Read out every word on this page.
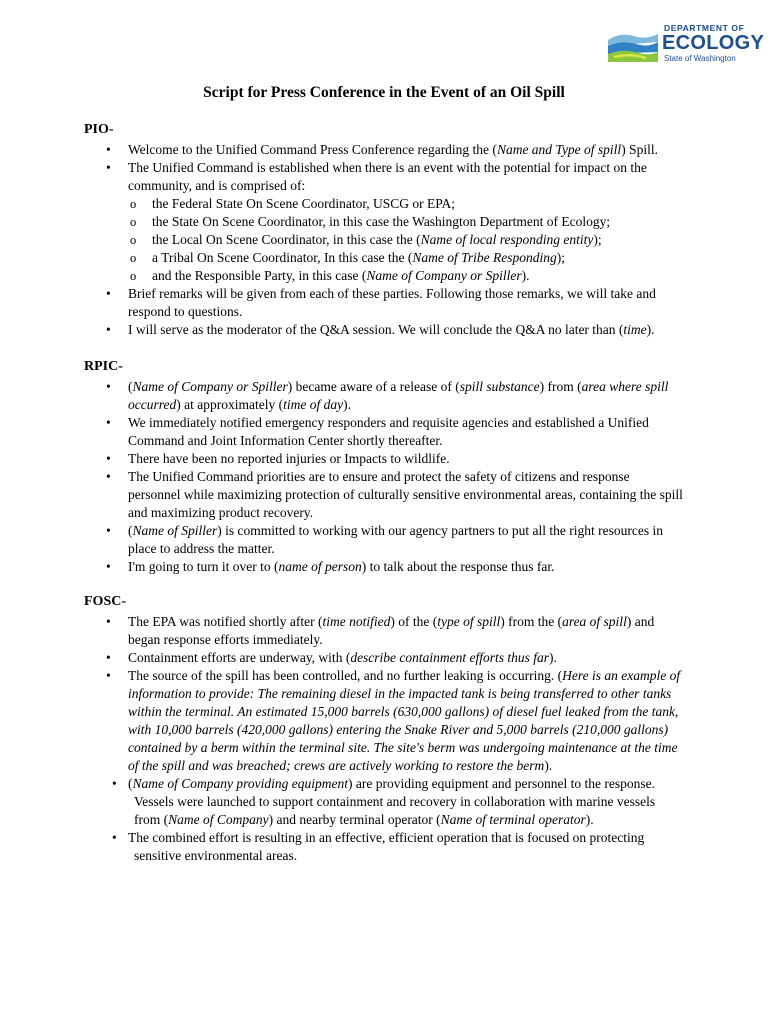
DEPARTMENT OF
ECOLOGY
State of Washington
Script for Press Conference in the Event of an Oil Spill
PIO-
• Welcome to the Unified Command Press Conference regarding the (Name and Type of spill) Spill.
• The Unified Command is established when there is an event with the potential for impact on the community, and is comprised of:
o the Federal State On Scene Coordinator, USCG or EPA;
o the State On Scene Coordinator, in this case the Washington Department of Ecology;
o the Local On Scene Coordinator, in this case the (Name of local responding entity);
o a Tribal On Scene Coordinator, In this case the (Name of Tribe Responding);
o and the Responsible Party, in this case (Name of Company or Spiller).
• Brief remarks will be given from each of these parties. Following those remarks, we will take and respond to questions.
• I will serve as the moderator of the Q&A session. We will conclude the Q&A no later than (time).
RPIC-
• (Name of Company or Spiller) became aware of a release of (spill substance) from (area where spill occurred) at approximately (time of day).
• We immediately notified emergency responders and requisite agencies and established a Unified Command and Joint Information Center shortly thereafter.
• There have been no reported injuries or Impacts to wildlife.
• The Unified Command priorities are to ensure and protect the safety of citizens and response personnel while maximizing protection of culturally sensitive environmental areas, containing the spill and maximizing product recovery.
• (Name of Spiller) is committed to working with our agency partners to put all the right resources in place to address the matter.
• I'm going to turn it over to (name of person) to talk about the response thus far.
FOSC-
• The EPA was notified shortly after (time notified) of the (type of spill) from the (area of spill) and began response efforts immediately.
• Containment efforts are underway, with (describe containment efforts thus far).
• The source of the spill has been controlled, and no further leaking is occurring. (Here is an example of information to provide: The remaining diesel in the impacted tank is being transferred to other tanks within the terminal. An estimated 15,000 barrels (630,000 gallons) of diesel fuel leaked from the tank, with 10,000 barrels (420,000 gallons) entering the Snake River and 5,000 barrels (210,000 gallons) contained by a berm within the terminal site. The site's berm was undergoing maintenance at the time of the spill and was breached; crews are actively working to restore the berm).
• (Name of Company providing equipment) are providing equipment and personnel to the response. Vessels were launched to support containment and recovery in collaboration with marine vessels from (Name of Company) and nearby terminal operator (Name of terminal operator).
• The combined effort is resulting in an effective, efficient operation that is focused on protecting sensitive environmental areas.
